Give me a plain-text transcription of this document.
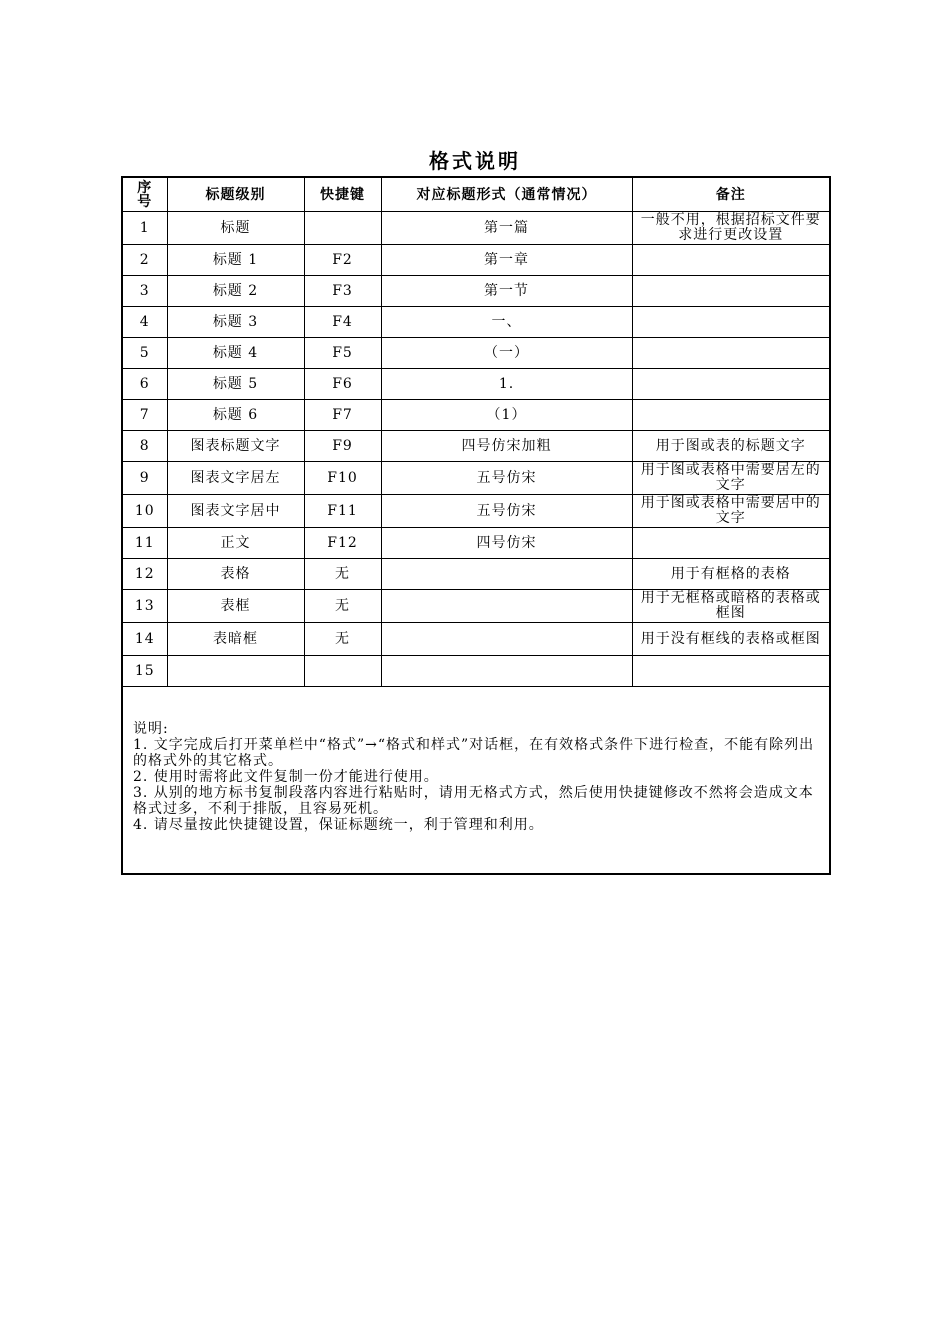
格式说明
序号	标题级别	快捷键	对应标题形式（通常情况）	备注
1	标题		第一篇	一般不用，根据招标文件要求进行更改设置
2	标题 1	F2	第一章	
3	标题 2	F3	第一节	
4	标题 3	F4	一、	
5	标题 4	F5	（一）	
6	标题 5	F6	1.	
7	标题 6	F7	（1）	
8	图表标题文字	F9	四号仿宋加粗	用于图或表的标题文字
9	图表文字居左	F10	五号仿宋	用于图或表格中需要居左的文字
10	图表文字居中	F11	五号仿宋	用于图或表格中需要居中的文字
11	正文	F12	四号仿宋	
12	表格	无		用于有框格的表格
13	表框	无		用于无框格或暗格的表格或框图
14	表暗框	无		用于没有框线的表格或框图
15				

说明:
1. 文字完成后打开菜单栏中“格式”→“格式和样式”对话框，在有效格式条件下进行检查，不能有除列出的格式外的其它格式。
2. 使用时需将此文件复制一份才能进行使用。
3. 从别的地方标书复制段落内容进行粘贴时，请用无格式方式，然后使用快捷键修改不然将会造成文本格式过多，不利于排版，且容易死机。
4. 请尽量按此快捷键设置，保证标题统一，利于管理和利用。				
